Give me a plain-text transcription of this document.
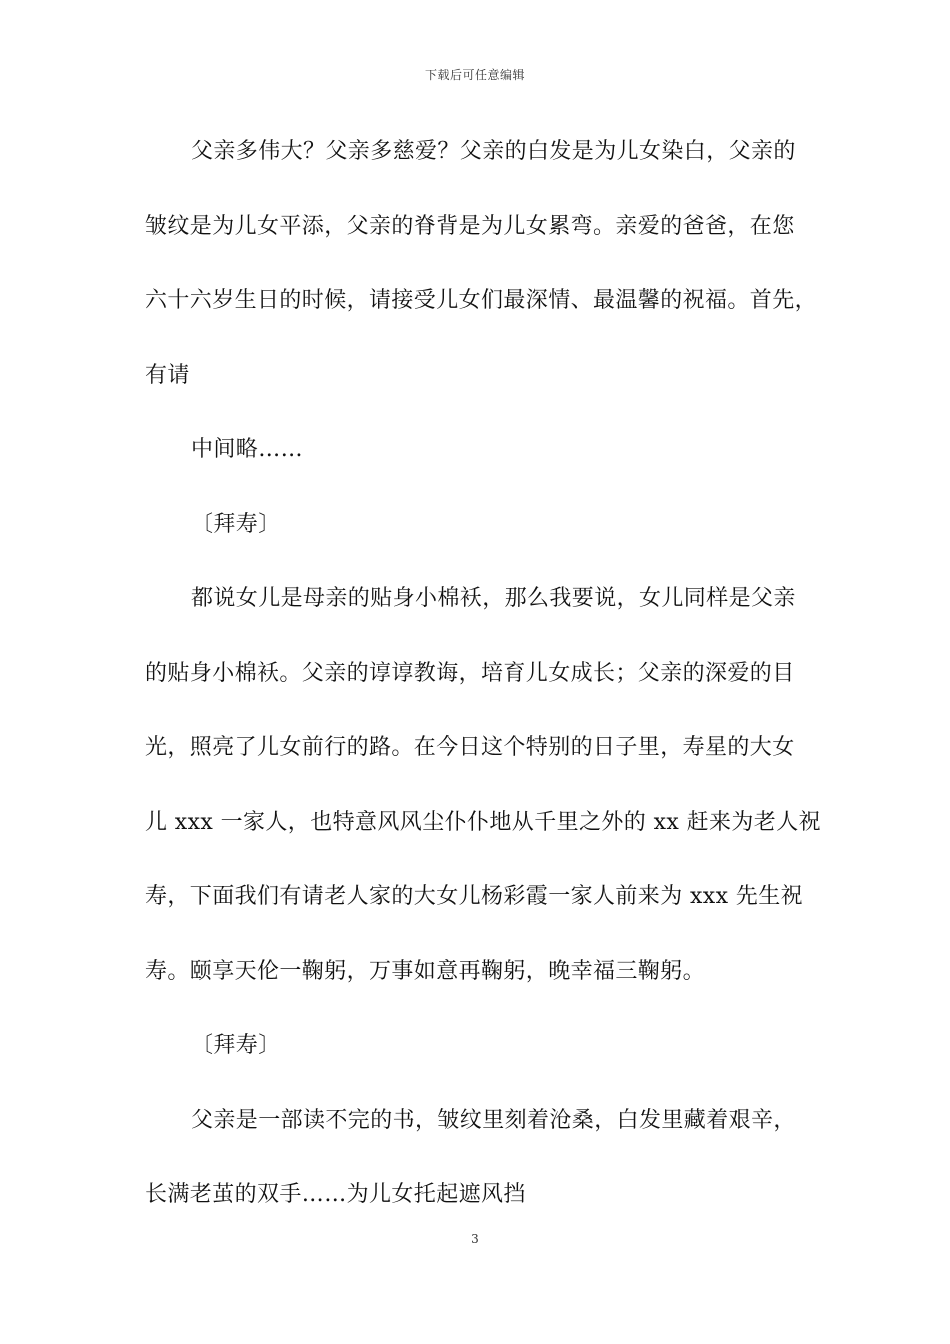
下载后可任意编辑
父亲多伟大？父亲多慈爱？父亲的白发是为儿女染白，父亲的
皱纹是为儿女平添，父亲的脊背是为儿女累弯。亲爱的爸爸，在您
六十六岁生日的时候，请接受儿女们最深情、最温馨的祝福。首先，
有请
中间略……
〔拜寿〕
都说女儿是母亲的贴身小棉袄，那么我要说，女儿同样是父亲
的贴身小棉袄。父亲的谆谆教诲，培育儿女成长；父亲的深爱的目
光，照亮了儿女前行的路。在今日这个特别的日子里，寿星的大女
儿 xxx 一家人，也特意风风尘仆仆地从千里之外的 xx 赶来为老人祝
寿，下面我们有请老人家的大女儿杨彩霞一家人前来为 xxx 先生祝
寿。颐享天伦一鞠躬，万事如意再鞠躬，晚幸福三鞠躬。
〔拜寿〕
父亲是一部读不完的书，皱纹里刻着沧桑，白发里藏着艰辛，
长满老茧的双手……为儿女托起遮风挡
3
